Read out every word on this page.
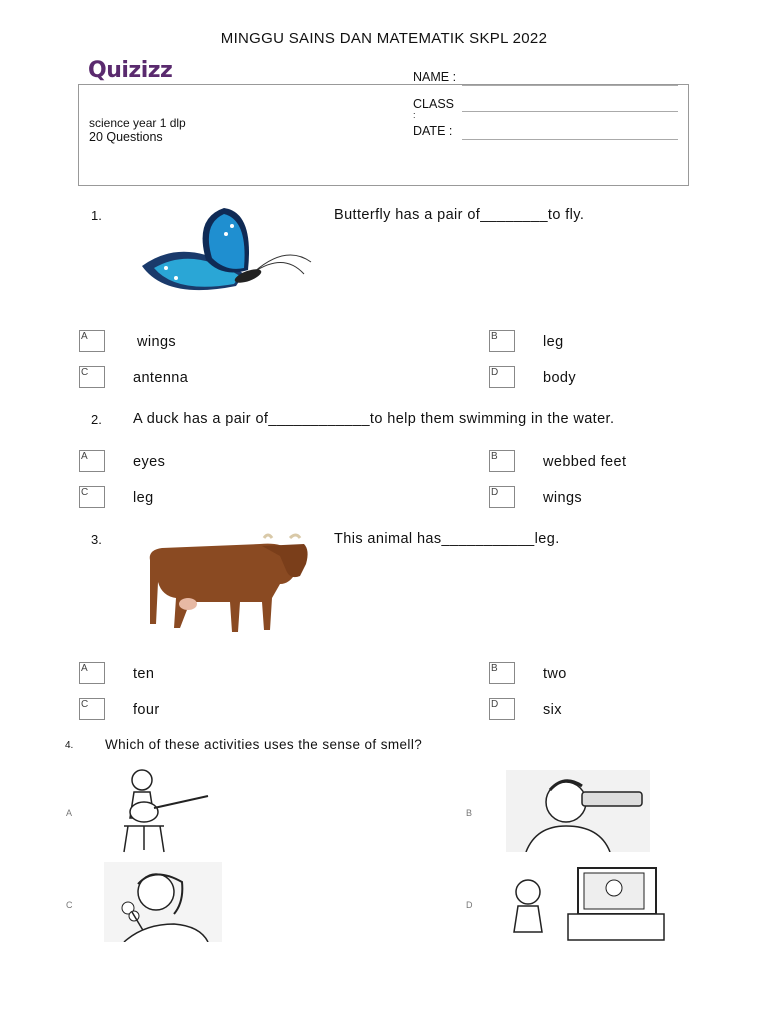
MINGGU SAINS DAN MATEMATIK SKPL 2022
Quizizz
science year 1 dlp
20 Questions
NAME :
CLASS
:
DATE :
1.	Butterfly has a pair of________to fly.
A	wings	B	leg
C	antenna	D	body
2. A duck has a pair of____________to help them swimming in the water.
A	eyes	B	webbed feet
C	leg	D	wings
3.	This animal has___________leg.
A	ten	B	two
C	four	D	six
4. Which of these activities uses the sense of smell?
A	B
C	D
